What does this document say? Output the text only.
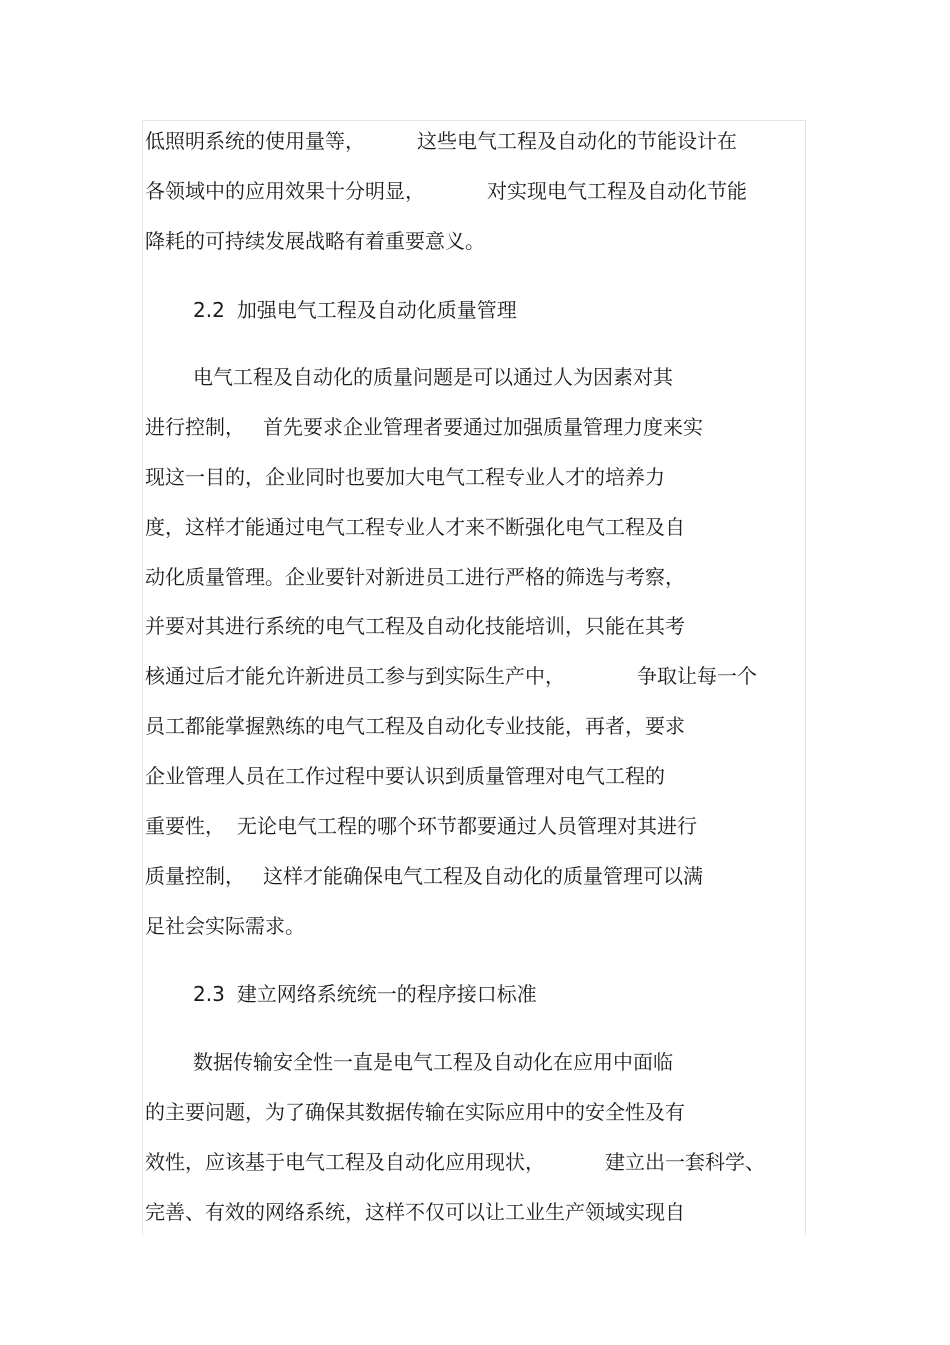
低照明系统的使用量等，	这些电气工程及自动化的节能设计在
各领域中的应用效果十分明显，	对实现电气工程及自动化节能
降耗的可持续发展战略有着重要意义。
2.2 加强电气工程及自动化质量管理
电气工程及自动化的质量问题是可以通过人为因素对其
进行控制， 首先要求企业管理者要通过加强质量管理力度来实
现这一目的，企业同时也要加大电气工程专业人才的培养力
度，这样才能通过电气工程专业人才来不断强化电气工程及自
动化质量管理。企业要针对新进员工进行严格的筛选与考察，
并要对其进行系统的电气工程及自动化技能培训，只能在其考
核通过后才能允许新进员工参与到实际生产中，	争取让每一个
员工都能掌握熟练的电气工程及自动化专业技能，再者，要求
企业管理人员在工作过程中要认识到质量管理对电气工程的
重要性， 无论电气工程的哪个环节都要通过人员管理对其进行
质量控制， 这样才能确保电气工程及自动化的质量管理可以满
足社会实际需求。
2.3 建立网络系统统一的程序接口标准
数据传输安全性一直是电气工程及自动化在应用中面临
的主要问题，为了确保其数据传输在实际应用中的安全性及有
效性，应该基于电气工程及自动化应用现状，	建立出一套科学、
完善、有效的网络系统，这样不仅可以让工业生产领域实现自
